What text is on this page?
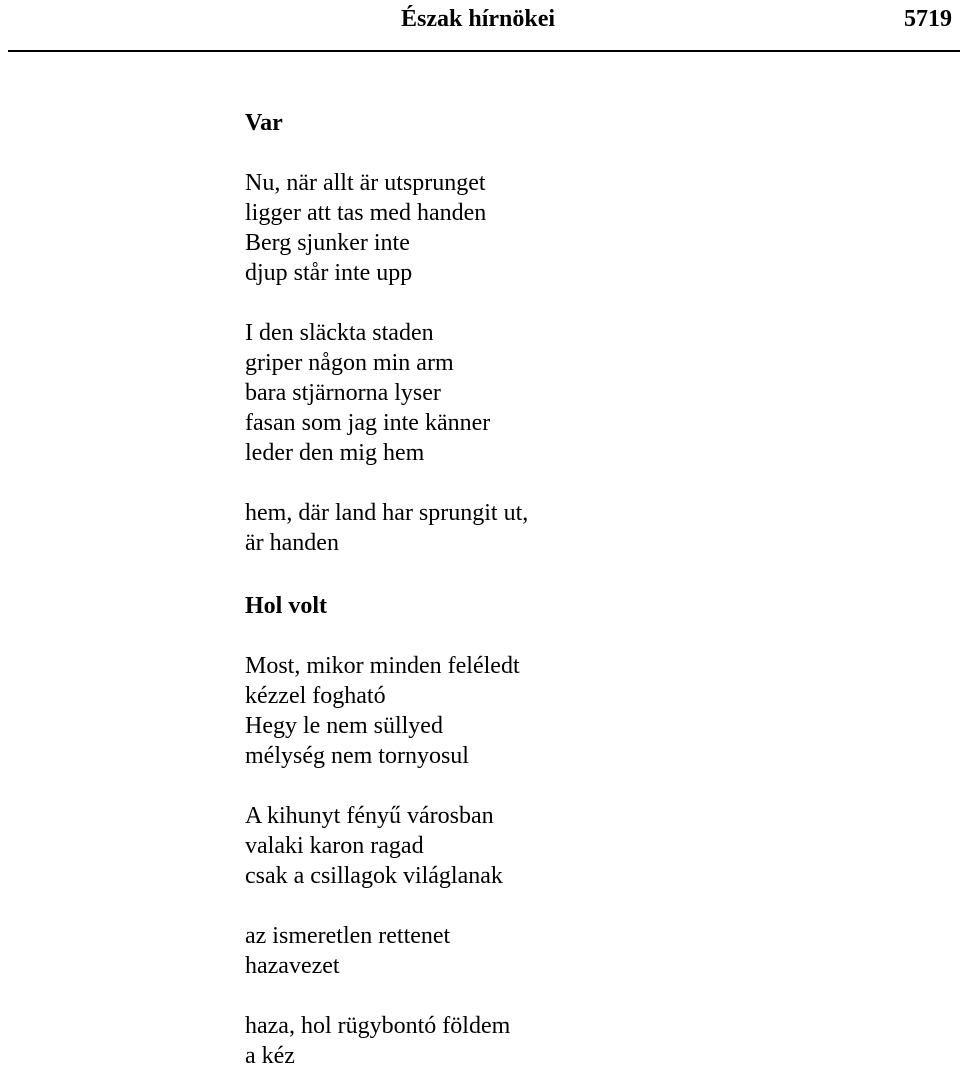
Észak hírnökei	5719
Var
Nu, när allt är utsprunget
ligger att tas med handen
Berg sjunker inte
djup står inte upp
I den släckta staden
griper någon min arm
bara stjärnorna lyser
fasan som jag inte känner
leder den mig hem
hem, där land har sprungit ut,
är handen
Hol volt
Most, mikor minden feléledt
kézzel fogható
Hegy le nem süllyed
mélység nem tornyosul
A kihunyt fényű városban
valaki karon ragad
csak a csillagok világlanak
az ismeretlen rettenet
hazavezet
haza, hol rügybontó földem
a kéz
